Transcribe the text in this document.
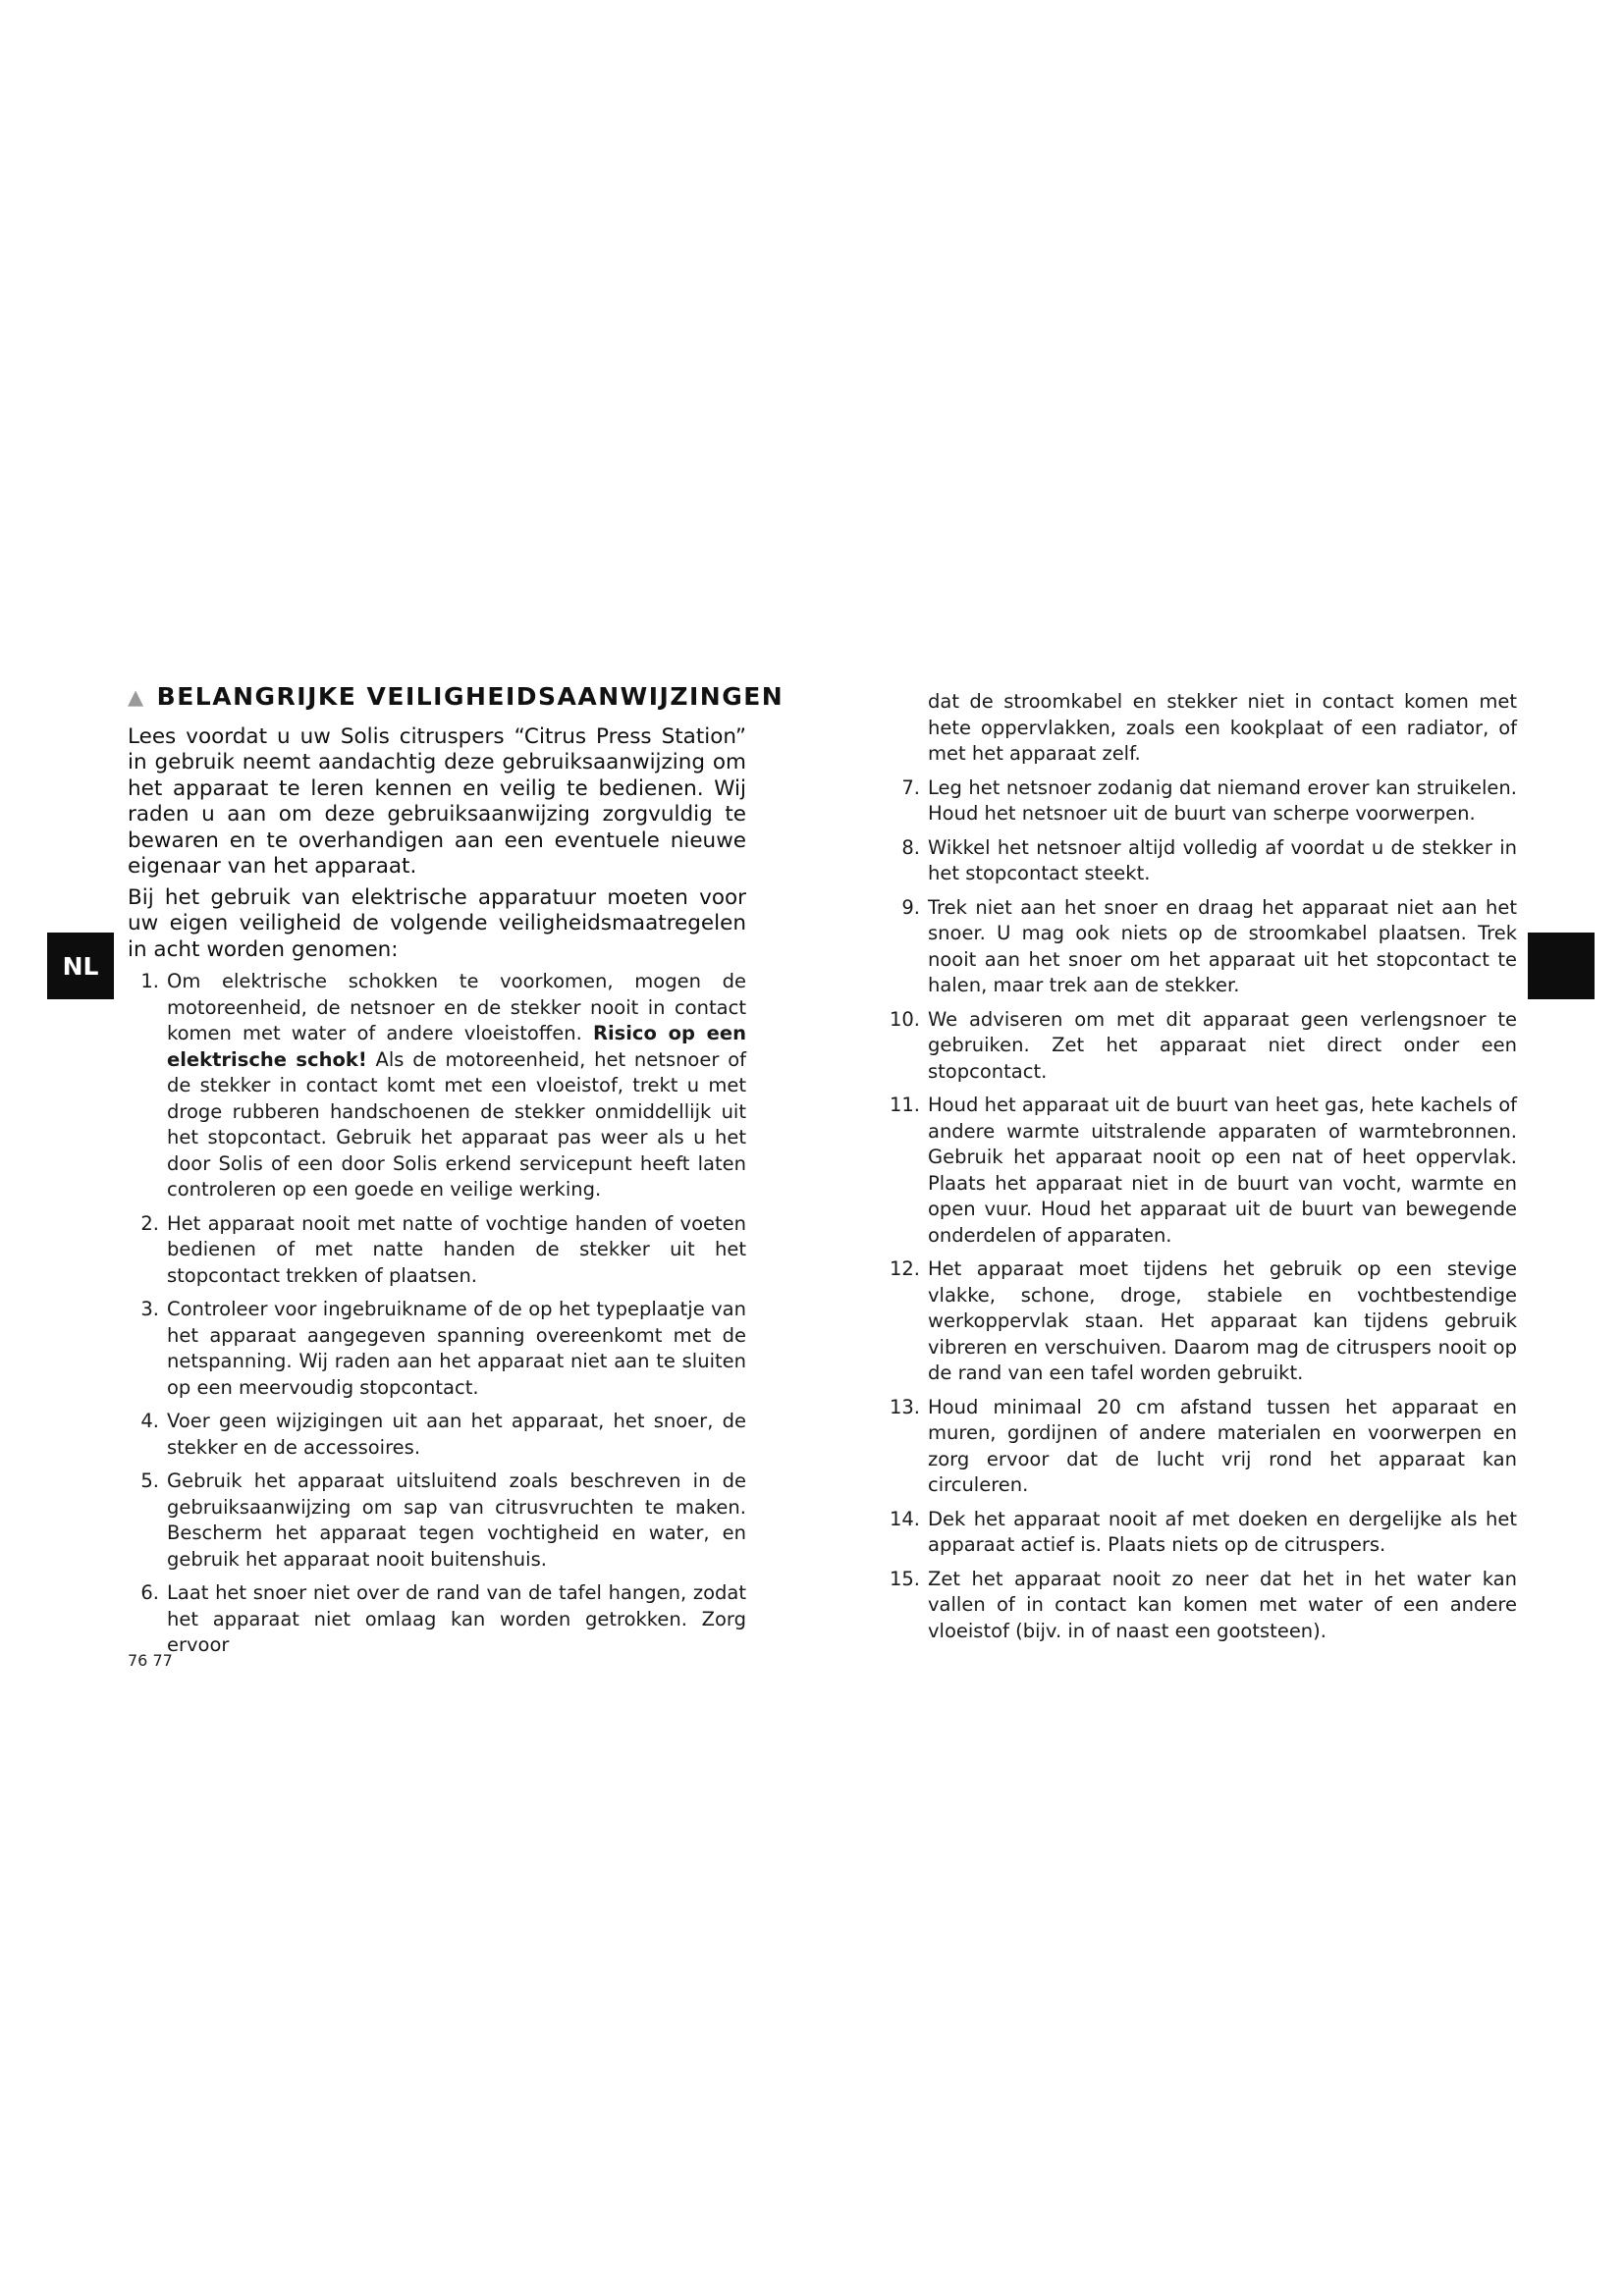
▲ BELANGRIJKE VEILIGHEIDSAANWIJZINGEN

Lees voordat u uw Solis citruspers “Citrus Press Station” in gebruik neemt aandachtig deze gebruiksaanwijzing om het apparaat te leren kennen en veilig te bedienen. Wij raden u aan om deze gebruiksaanwijzing zorgvuldig te bewaren en te overhandigen aan een eventuele nieuwe eigenaar van het apparaat.

Bij het gebruik van elektrische apparatuur moeten voor uw eigen veiligheid de volgende veiligheidsmaatregelen in acht worden genomen:

1. Om elektrische schokken te voorkomen, mogen de motoreenheid, de netsnoer en de stekker nooit in contact komen met water of andere vloeistoffen. Risico op een elektrische schok! Als de motoreenheid, het netsnoer of de stekker in contact komt met een vloeistof, trekt u met droge rubberen handschoenen de stekker onmiddellijk uit het stopcontact. Gebruik het apparaat pas weer als u het door Solis of een door Solis erkend servicepunt heeft laten controleren op een goede en veilige werking.
2. Het apparaat nooit met natte of vochtige handen of voeten bedienen of met natte handen de stekker uit het stopcontact trekken of plaatsen.
3. Controleer voor ingebruikname of de op het typeplaatje van het apparaat aangegeven spanning overeenkomt met de netspanning. Wij raden aan het apparaat niet aan te sluiten op een meervoudig stopcontact.
4. Voer geen wijzigingen uit aan het apparaat, het snoer, de stekker en de accessoires.
5. Gebruik het apparaat uitsluitend zoals beschreven in de gebruiksaanwijzing om sap van citrusvruchten te maken. Bescherm het apparaat tegen vochtigheid en water, en gebruik het apparaat nooit buitenshuis.
6. Laat het snoer niet over de rand van de tafel hangen, zodat het apparaat niet omlaag kan worden getrokken. Zorg ervoor
dat de stroomkabel en stekker niet in contact komen met hete oppervlakken, zoals een kookplaat of een radiator, of met het apparaat zelf.
7. Leg het netsnoer zodanig dat niemand erover kan struikelen. Houd het netsnoer uit de buurt van scherpe voorwerpen.
8. Wikkel het netsnoer altijd volledig af voordat u de stekker in het stopcontact steekt.
9. Trek niet aan het snoer en draag het apparaat niet aan het snoer. U mag ook niets op de stroomkabel plaatsen. Trek nooit aan het snoer om het apparaat uit het stopcontact te halen, maar trek aan de stekker.
10. We adviseren om met dit apparaat geen verlengsnoer te gebruiken. Zet het apparaat niet direct onder een stopcontact.
11. Houd het apparaat uit de buurt van heet gas, hete kachels of andere warmte uitstralende apparaten of warmtebronnen. Gebruik het apparaat nooit op een nat of heet oppervlak. Plaats het apparaat niet in de buurt van vocht, warmte en open vuur. Houd het apparaat uit de buurt van bewegende onderdelen of apparaten.
12. Het apparaat moet tijdens het gebruik op een stevige vlakke, schone, droge, stabiele en vochtbestendige werkoppervlak staan. Het apparaat kan tijdens gebruik vibreren en verschuiven. Daarom mag de citruspers nooit op de rand van een tafel worden gebruikt.
13. Houd minimaal 20 cm afstand tussen het apparaat en muren, gordijnen of andere materialen en voorwerpen en zorg ervoor dat de lucht vrij rond het apparaat kan circuleren.
14. Dek het apparaat nooit af met doeken en dergelijke als het apparaat actief is. Plaats niets op de citruspers.
15. Zet het apparaat nooit zo neer dat het in het water kan vallen of in contact kan komen met water of een andere vloeistof (bijv. in of naast een gootsteen).
NL
76 77
